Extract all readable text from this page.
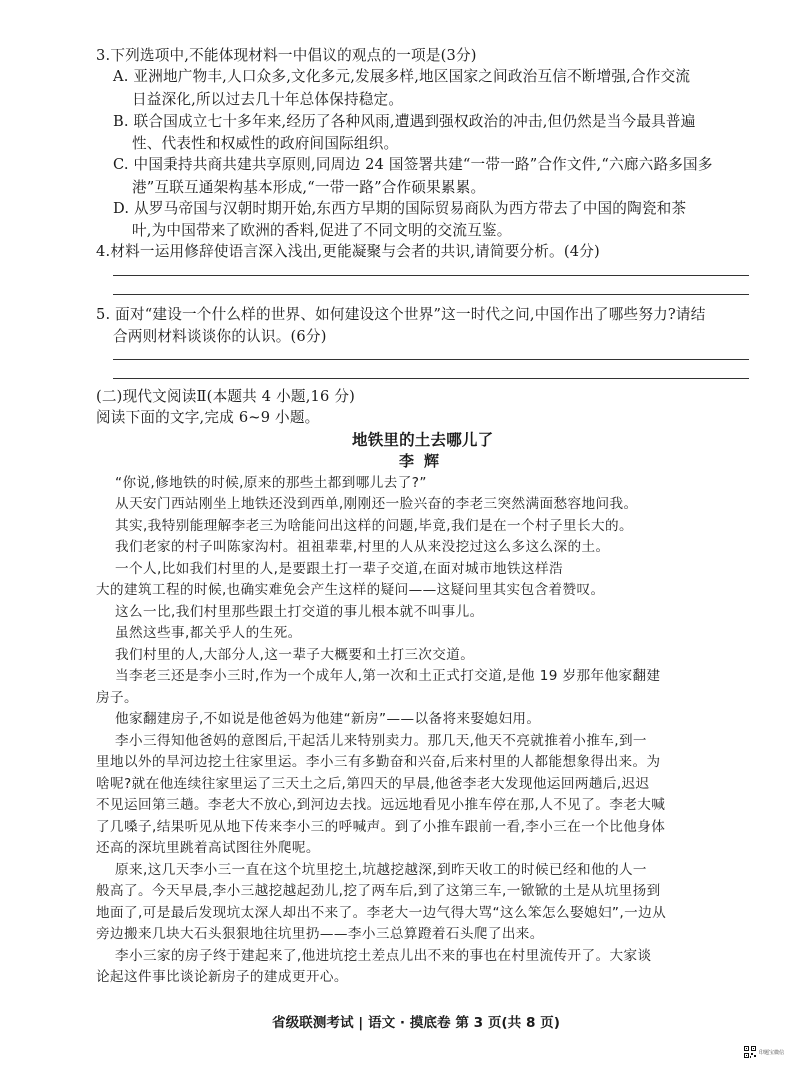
3.下列选项中,不能体现材料一中倡议的观点的一项是(3分)
A. 亚洲地广物丰,人口众多,文化多元,发展多样,地区国家之间政治互信不断增强,合作交流
日益深化,所以过去几十年总体保持稳定。
B. 联合国成立七十多年来,经历了各种风雨,遭遇到强权政治的冲击,但仍然是当今最具普遍
性、代表性和权威性的政府间国际组织。
C. 中国秉持共商共建共享原则,同周边 24 国签署共建“一带一路”合作文件,“六廊六路多国多
港”互联互通架构基本形成,“一带一路”合作硕果累累。
D. 从罗马帝国与汉朝时期开始,东西方早期的国际贸易商队为西方带去了中国的陶瓷和茶
叶,为中国带来了欧洲的香料,促进了不同文明的交流互鉴。
4.材料一运用修辞使语言深入浅出,更能凝聚与会者的共识,请简要分析。(4分)
5. 面对“建设一个什么样的世界、如何建设这个世界”这一时代之问,中国作出了哪些努力?请结
合两则材料谈谈你的认识。(6分)
(二)现代文阅读Ⅱ(本题共 4 小题,16 分)
阅读下面的文字,完成 6~9 小题。
地铁里的土去哪儿了
李辉
“你说,修地铁的时候,原来的那些土都到哪儿去了?”
从天安门西站刚坐上地铁还没到西单,刚刚还一脸兴奋的李老三突然满面愁容地问我。
其实,我特别能理解李老三为啥能问出这样的问题,毕竟,我们是在一个村子里长大的。
我们老家的村子叫陈家沟村。祖祖辈辈,村里的人从来没挖过这么多这么深的土。
一个人,比如我们村里的人,是要跟土打一辈子交道,在面对城市地铁这样浩
大的建筑工程的时候,也确实难免会产生这样的疑问——这疑问里其实包含着赞叹。
这么一比,我们村里那些跟土打交道的事儿根本就不叫事儿。
虽然这些事,都关乎人的生死。
我们村里的人,大部分人,这一辈子大概要和土打三次交道。
当李老三还是李小三时,作为一个成年人,第一次和土正式打交道,是他 19 岁那年他家翻建
房子。
他家翻建房子,不如说是他爸妈为他建“新房”——以备将来娶媳妇用。
李小三得知他爸妈的意图后,干起活儿来特别卖力。那几天,他天不亮就推着小推车,到一
里地以外的旱河边挖土往家里运。李小三有多勤奋和兴奋,后来村里的人都能想象得出来。为
啥呢?就在他连续往家里运了三天土之后,第四天的早晨,他爸李老大发现他运回两趟后,迟迟
不见运回第三趟。李老大不放心,到河边去找。远远地看见小推车停在那,人不见了。李老大喊
了几嗓子,结果听见从地下传来李小三的呼喊声。到了小推车跟前一看,李小三在一个比他身体
还高的深坑里跳着高试图往外爬呢。
原来,这几天李小三一直在这个坑里挖土,坑越挖越深,到昨天收工的时候已经和他的人一
般高了。今天早晨,李小三越挖越起劲儿,挖了两车后,到了这第三车,一锨锨的土是从坑里扬到
地面了,可是最后发现坑太深人却出不来了。李老大一边气得大骂“这么笨怎么娶媳妇”,一边从
旁边搬来几块大石头狠狠地往坑里扔——李小三总算蹬着石头爬了出来。
李小三家的房子终于建起来了,他进坑挖土差点儿出不来的事也在村里流传开了。大家谈
论起这件事比谈论新房子的建成更开心。
省级联测考试 | 语文 · 摸底卷 第 3 页(共 8 页)
印题宝微信
